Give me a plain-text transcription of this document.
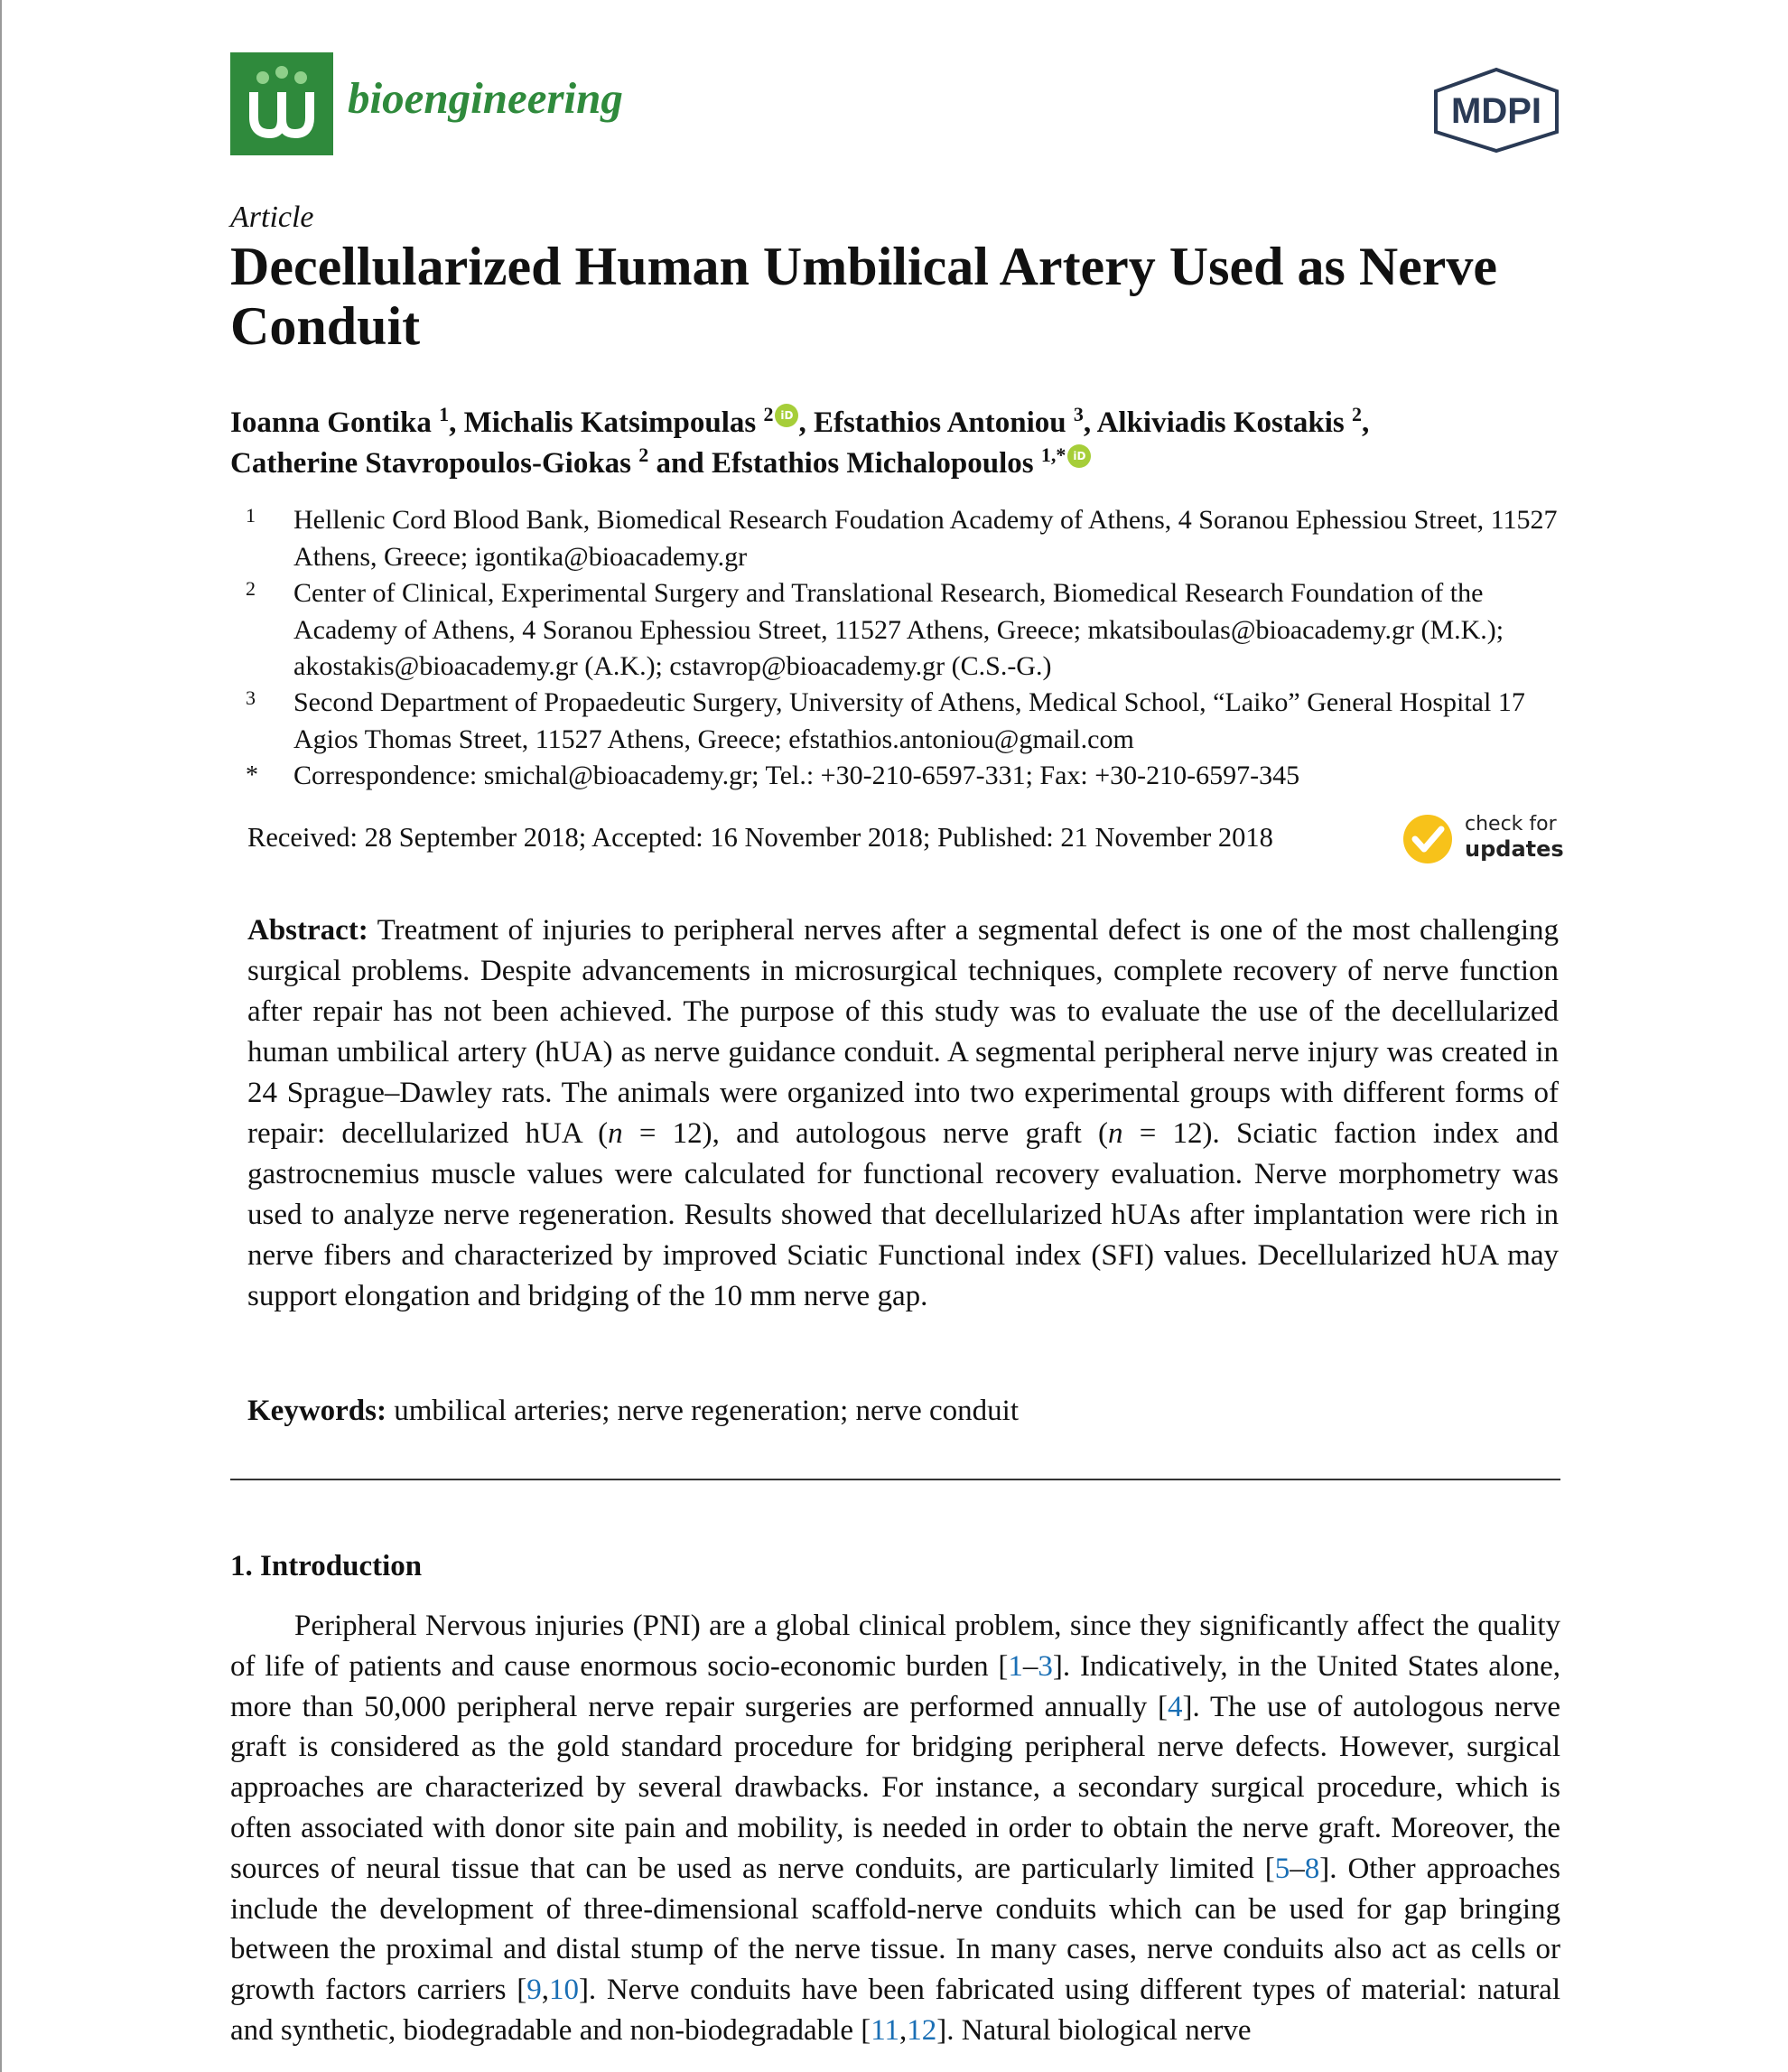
bioengineering	MDPI
Article
Decellularized Human Umbilical Artery Used as Nerve Conduit
Ioanna Gontika $^1$, Michalis Katsimpoulas $^2$ iD , Efstathios Antoniou $^3$, Alkiviadis Kostakis $^2$,
Catherine Stavropoulos-Giokas $^2$ and Efstathios Michalopoulos $^{1,*}$ iD
1	Hellenic Cord Blood Bank, Biomedical Research Foudation Academy of Athens, 4 Soranou Ephessiou Street, 11527 Athens, Greece; igontika@bioacademy.gr
2	Center of Clinical, Experimental Surgery and Translational Research, Biomedical Research Foundation of the Academy of Athens, 4 Soranou Ephessiou Street, 11527 Athens, Greece; mkatsiboulas@bioacademy.gr (M.K.); akostakis@bioacademy.gr (A.K.); cstavrop@bioacademy.gr (C.S.-G.)
3	Second Department of Propaedeutic Surgery, University of Athens, Medical School, “Laiko” General Hospital 17 Agios Thomas Street, 11527 Athens, Greece; efstathios.antoniou@gmail.com
*	Correspondence: smichal@bioacademy.gr; Tel.: +30-210-6597-331; Fax: +30-210-6597-345
Received: 28 September 2018; Accepted: 16 November 2018; Published: 21 November 2018	check for
updates

Abstract: Treatment of injuries to peripheral nerves after a segmental defect is one of the most challenging surgical problems. Despite advancements in microsurgical techniques, complete recovery of nerve function after repair has not been achieved. The purpose of this study was to evaluate the use of the decellularized human umbilical artery (hUA) as nerve guidance conduit. A segmental peripheral nerve injury was created in 24 Sprague–Dawley rats. The animals were organized into two experimental groups with different forms of repair: decellularized hUA (n = 12), and autologous nerve graft (n = 12). Sciatic faction index and gastrocnemius muscle values were calculated for functional recovery evaluation. Nerve morphometry was used to analyze nerve regeneration. Results showed that decellularized hUAs after implantation were rich in nerve fibers and characterized by improved Sciatic Functional index (SFI) values. Decellularized hUA may support elongation and bridging of the 10 mm nerve gap.

Keywords: umbilical arteries; nerve regeneration; nerve conduit
1. Introduction

Peripheral Nervous injuries (PNI) are a global clinical problem, since they significantly affect the quality of life of patients and cause enormous socio-economic burden [1–3]. Indicatively, in the United States alone, more than 50,000 peripheral nerve repair surgeries are performed annually [4]. The use of autologous nerve graft is considered as the gold standard procedure for bridging peripheral nerve defects. However, surgical approaches are characterized by several drawbacks. For instance, a secondary surgical procedure, which is often associated with donor site pain and mobility, is needed in order to obtain the nerve graft. Moreover, the sources of neural tissue that can be used as nerve conduits, are particularly limited [5–8]. Other approaches include the development of three-dimensional scaffold-nerve conduits which can be used for gap bringing between the proximal and distal stump of the nerve tissue. In many cases, nerve conduits also act as cells or growth factors carriers [9,10]. Nerve conduits have been fabricated using different types of material: natural and synthetic, biodegradable and non-biodegradable [11,12]. Natural biological nerve
